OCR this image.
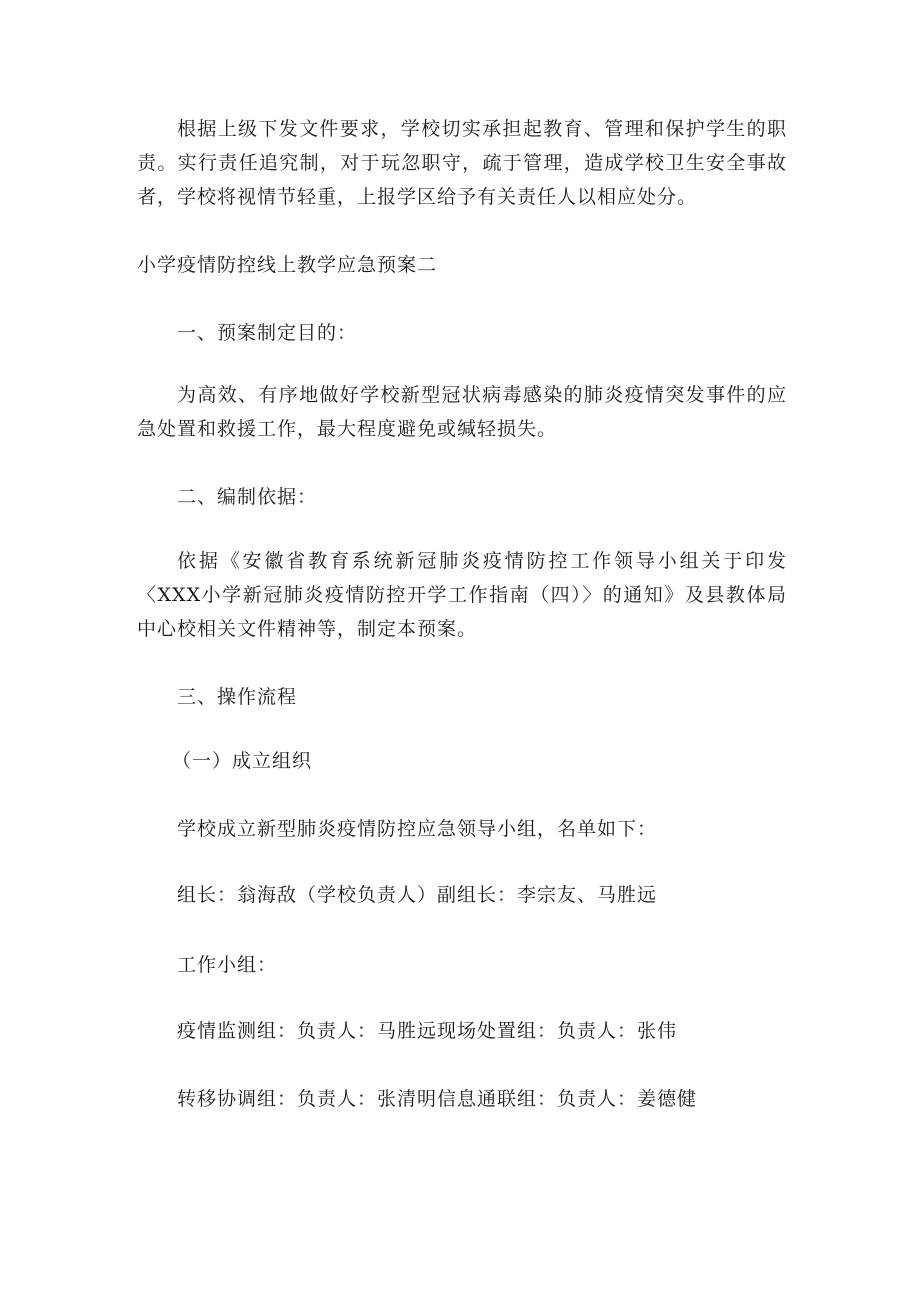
根据上级下发文件要求，学校切实承担起教育、管理和保护学生的职责。实行责任追究制，对于玩忽职守，疏于管理，造成学校卫生安全事故者，学校将视情节轻重，上报学区给予有关责任人以相应处分。
小学疫情防控线上教学应急预案二
一、预案制定目的：
为高效、有序地做好学校新型冠状病毒感染的肺炎疫情突发事件的应急处置和救援工作，最大程度避免或缄轻损失。
二、编制依据：
依据《安徽省教育系统新冠肺炎疫情防控工作领导小组关于印发〈XXX小学新冠肺炎疫情防控开学工作指南（四）〉的通知》及县教体局中心校相关文件精神等，制定本预案。
三、操作流程
（一）成立组织
学校成立新型肺炎疫情防控应急领导小组，名单如下：
组长：翁海敌（学校负责人）副组长：李宗友、马胜远
工作小组：
疫情监测组：负责人：马胜远现场处置组：负责人：张伟
转移协调组：负责人：张清明信息通联组：负责人：姜德健
